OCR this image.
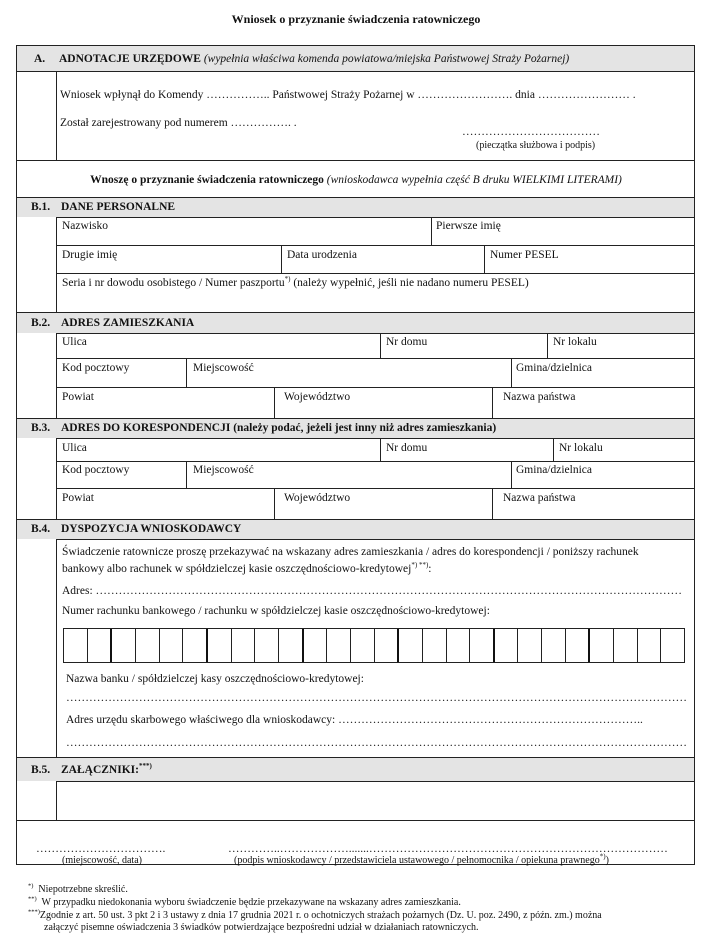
Wniosek o przyznanie świadczenia ratowniczego
A. ADNOTACJE URZĘDOWE (wypełnia właściwa komenda powiatowa/miejska Państwowej Straży Pożarnej)
Wniosek wpłynął do Komendy …………….. Państwowej Straży Pożarnej w ……………………. dnia …………………… .
Został zarejestrowany pod numerem ……………. .
………………………………
(pieczątka służbowa i podpis)
Wnoszę o przyznanie świadczenia ratowniczego (wnioskodawca wypełnia część B druku WIELKIMI LITERAMI)
B.1. DANE PERSONALNE
Nazwisko	Pierwsze imię
Drugie imię	Data urodzenia	Numer PESEL
Seria i nr dowodu osobistego / Numer paszportu*) (należy wypełnić, jeśli nie nadano numeru PESEL)
B.2. ADRES ZAMIESZKANIA
Ulica	Nr domu	Nr lokalu
Kod pocztowy	Miejscowość	Gmina/dzielnica
Powiat	Województwo	Nazwa państwa
B.3. ADRES DO KORESPONDENCJI (należy podać, jeżeli jest inny niż adres zamieszkania)
Ulica	Nr domu	Nr lokalu
Kod pocztowy	Miejscowość	Gmina/dzielnica
Powiat	Województwo	Nazwa państwa
B.4. DYSPOZYCJA WNIOSKODAWCY
Świadczenie ratownicze proszę przekazywać na wskazany adres zamieszkania / adres do korespondencji / poniższy rachunek
bankowy albo rachunek w spółdzielczej kasie oszczędnościowo-kredytowej*) **):
Adres: ………………………………………………………………………………………………………………………………………
Numer rachunku bankowego / rachunku w spółdzielczej kasie oszczędnościowo-kredytowej:
Nazwa banku / spółdzielczej kasy oszczędnościowo-kredytowej:
………………………………………………………………………………………………………………………………………………
Adres urzędu skarbowego właściwego dla wnioskodawcy: ……………………………………………………………………..
………………………………………………………………………………………………………………………………………………
B.5. ZAŁĄCZNIKI:***)
…………………………….
(miejscowość, data)
…………..……………….......……………………………………………………………………
(podpis wnioskodawcy / przedstawiciela ustawowego / pełnomocnika / opiekuna prawnego*))
*) Niepotrzebne skreślić.
**) W przypadku niedokonania wyboru świadczenie będzie przekazywane na wskazany adres zamieszkania.
***)Zgodnie z art. 50 ust. 3 pkt 2 i 3 ustawy z dnia 17 grudnia 2021 r. o ochotniczych strażach pożarnych (Dz. U. poz. 2490, z późn. zm.) można
załączyć pisemne oświadczenia 3 świadków potwierdzające bezpośredni udział w działaniach ratowniczych.
